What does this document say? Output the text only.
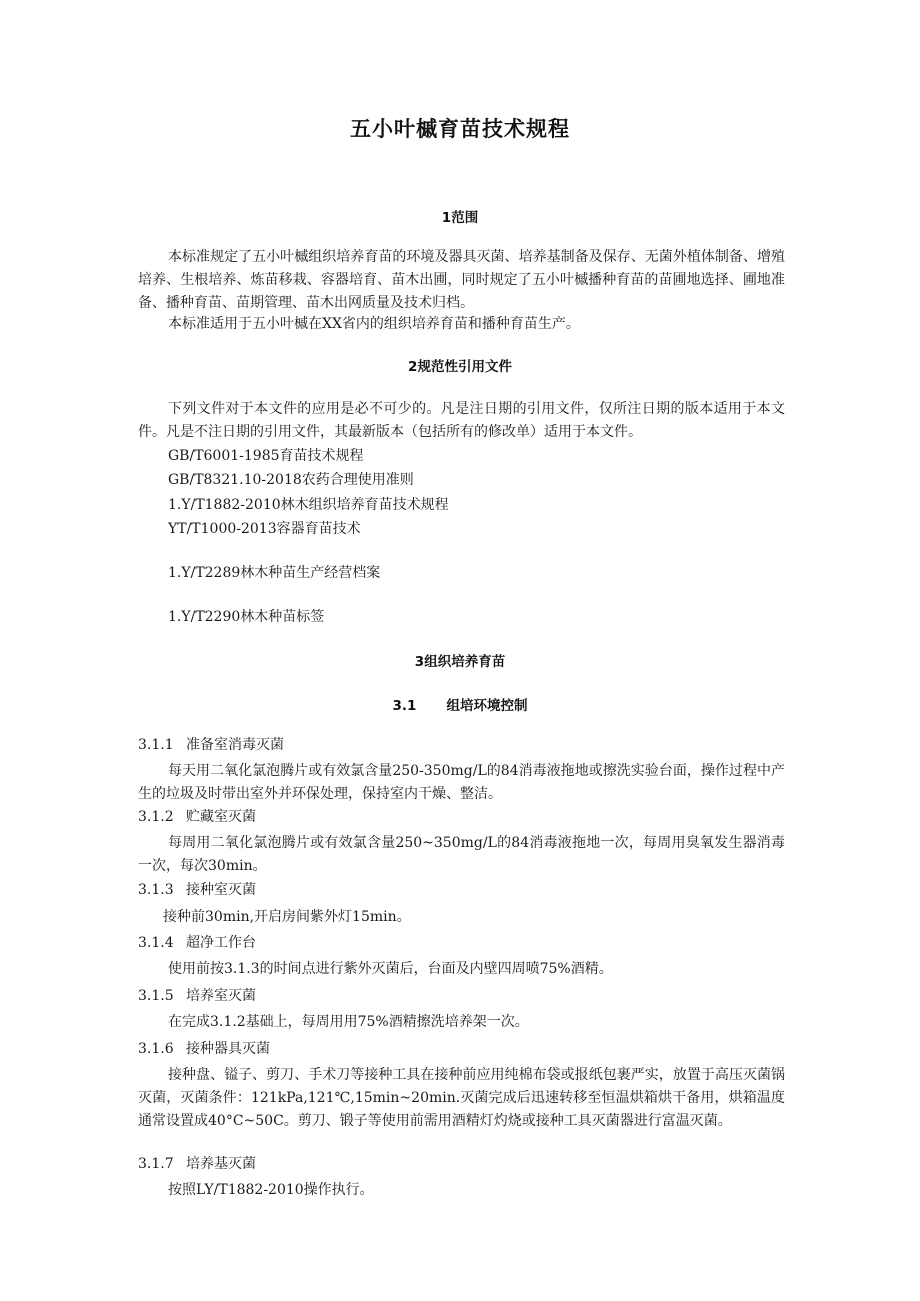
五小叶槭育苗技术规程
1范围

本标准规定了五小叶槭组织培养育苗的环境及器具灭菌、培养基制备及保存、无菌外植体制备、增殖培养、生根培养、炼苗移栽、容器培育、苗木出圃，同时规定了五小叶槭播种育苗的苗圃地选择、圃地准备、播种育苗、苗期管理、苗木出网质量及技术归档。

本标准适用于五小叶槭在XX省内的组织培养育苗和播种育苗生产。

2规范性引用文件

下列文件对于本文件的应用是必不可少的。凡是注日期的引用文件，仅所注日期的版本适用于本文件。凡是不注日期的引用文件，其最新版本（包括所有的修改单）适用于本文件。

GB/T6001-1985育苗技术规程
GB/T8321.10-2018农药合理使用准则
1.Y/T1882-2010林木组织培养育苗技术规程
YT/T1000-2013容器育苗技术
1.Y/T2289林木种苗生产经营档案
1.Y/T2290林木种苗标签
3组织培养育苗
3.1 组培环境控制
3.1.1 准备室消毒灭菌

每天用二氧化氯泡腾片或有效氯含量250-350mg/L的84消毒液拖地或擦洗实验台面，操作过程中产生的垃圾及时带出室外并环保处理，保持室内干燥、整洁。

3.1.2 贮藏室灭菌

每周用二氧化氯泡腾片或有效氯含量250~350mg/L的84消毒液拖地一次，每周用臭氧发生器消毒一次，每次30min。

3.1.3 接种室灭菌

接种前30min,开启房间紫外灯15min。

3.1.4 超净工作台

使用前按3.1.3的时间点进行紫外灭菌后，台面及内壁四周喷75%酒精。

3.1.5 培养室灭菌

在完成3.1.2基础上，每周用用75%酒精擦洗培养架一次。

3.1.6 接种器具灭菌

接种盘、镒子、剪刀、手术刀等接种工具在接种前应用纯棉布袋或报纸包裹严实，放置于高压灭菌锅灭菌，灭菌条件：121kPa,121℃,15min~20min.灭菌完成后迅速转移至恒温烘箱烘干备用，烘箱温度通常设置成40°C~50C。剪刀、锻子等使用前需用酒精灯灼烧或接种工具灭菌器进行富温灭菌。

3.1.7 培养基灭菌

按照LY/T1882-2010操作执行。
